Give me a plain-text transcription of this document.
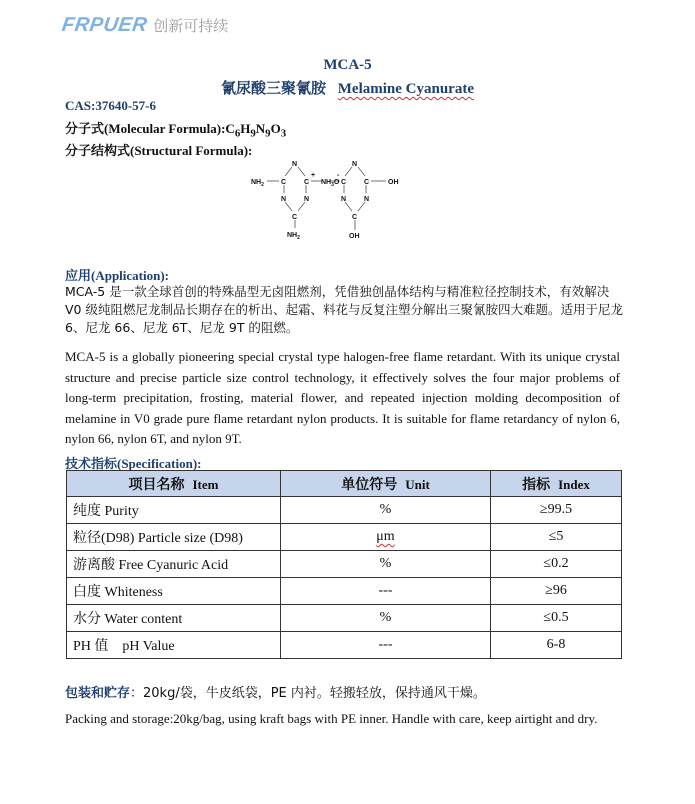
FRPUER 创新可持续
MCA-5
氰尿酸三聚氰胺 Melamine Cyanurate
CAS:37640-57-6
分子式(Molecular $Formula):C_6H_9N_9O_3$
分子结构式(Structural Formula):
N
C	C
N	N
C
$NH_2$
$NH_2$
+
$NH_3O$
-
N
C	C
N	N
C
OH
OH
应用(Application):
MCA-5 是一款全球首创的特殊晶型无卤阻燃剂，凭借独创晶体结构与精准粒径控制技术，有效解决 V0 级纯阻燃尼龙制品长期存在的析出、起霜、料花与反复注塑分解出三聚氰胺四大难题。适用于尼龙 6、尼龙 66、尼龙 6T、尼龙 9T 的阻燃。
MCA-5 is a globally pioneering special crystal type halogen-free flame retardant. With its unique crystal structure and precise particle size control technology, it effectively solves the four major problems of long-term precipitation, frosting, material flower, and repeated injection molding decomposition of melamine in V0 grade pure flame retardant nylon products. It is suitable for flame retardancy of nylon 6, nylon 66, nylon 6T, and nylon 9T.
技术指标(Specification):
项目名称 Item	单位符号 Unit	指标 Index
纯度 Purity	%	≥99.5
粒径(D98) Particle size (D98)	μm	≤5
游离酸 Free Cyanuric Acid	%	≤0.2
白度 Whiteness	---	≥96
水分 Water content	%	≤0.5
PH 值    pH Value	---	6-8
包装和贮存：20kg/袋，牛皮纸袋，PE 内衬。轻搬轻放，保持通风干燥。
Packing and storage:20kg/bag, using kraft bags with PE inner. Handle with care, keep airtight and dry.
